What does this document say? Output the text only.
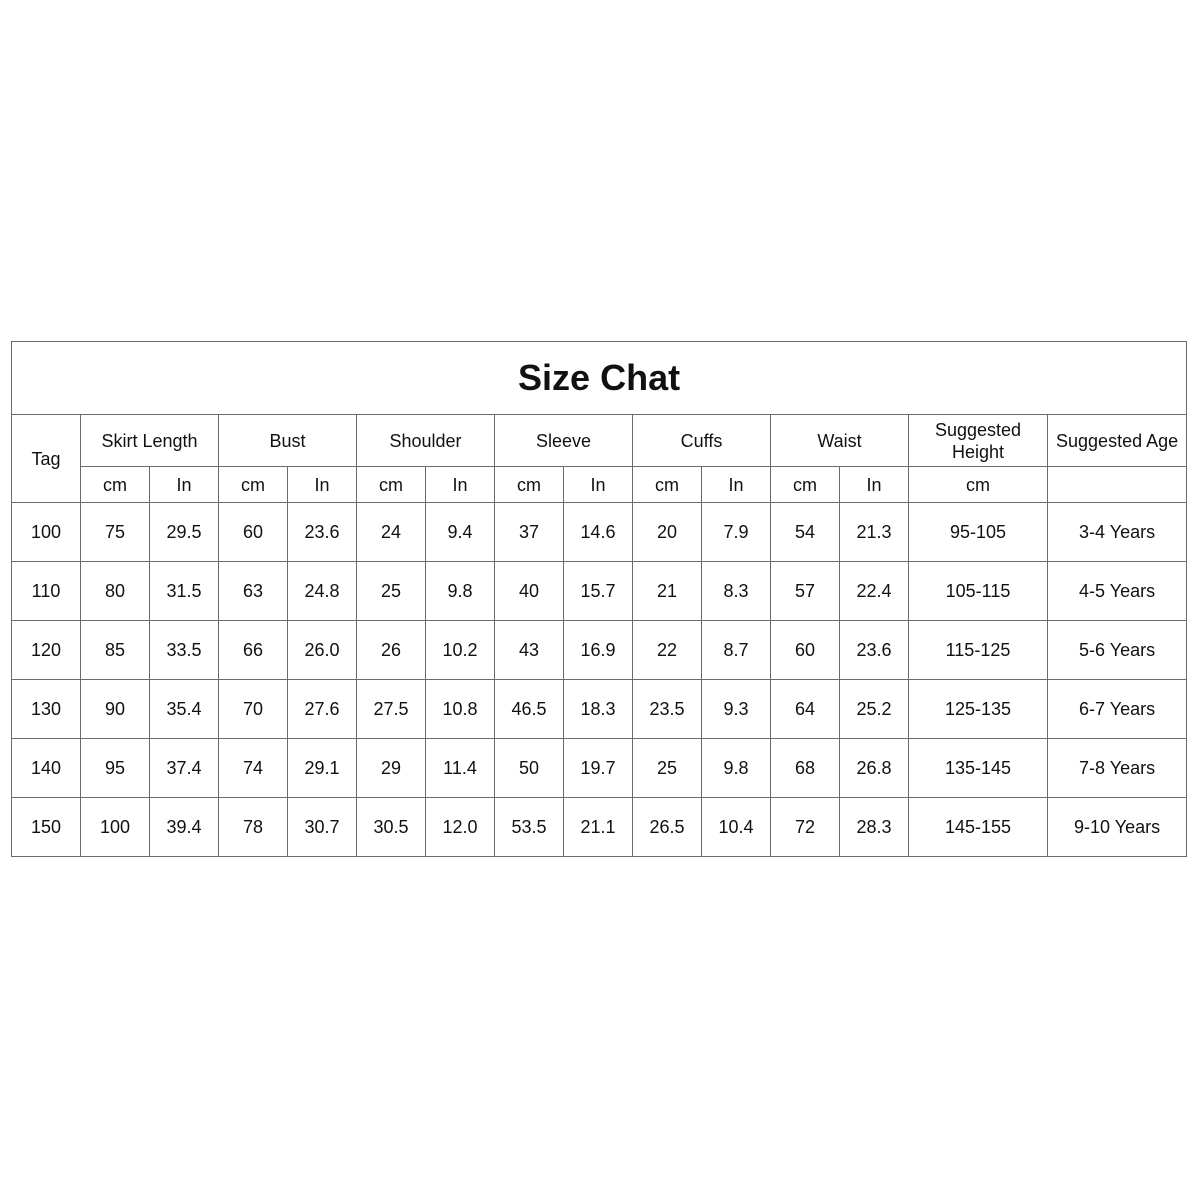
Size Chat														
Tag	Skirt Length		Bust		Shoulder		Sleeve		Cuffs		Waist		Suggested Height	Suggested Age
	cm	In	cm	In	cm	In	cm	In	cm	In	cm	In	cm	
100	75	29.5	60	23.6	24	9.4	37	14.6	20	7.9	54	21.3	95-105	3-4 Years
110	80	31.5	63	24.8	25	9.8	40	15.7	21	8.3	57	22.4	105-115	4-5 Years
120	85	33.5	66	26.0	26	10.2	43	16.9	22	8.7	60	23.6	115-125	5-6 Years
130	90	35.4	70	27.6	27.5	10.8	46.5	18.3	23.5	9.3	64	25.2	125-135	6-7 Years
140	95	37.4	74	29.1	29	11.4	50	19.7	25	9.8	68	26.8	135-145	7-8 Years
150	100	39.4	78	30.7	30.5	12.0	53.5	21.1	26.5	10.4	72	28.3	145-155	9-10 Years
